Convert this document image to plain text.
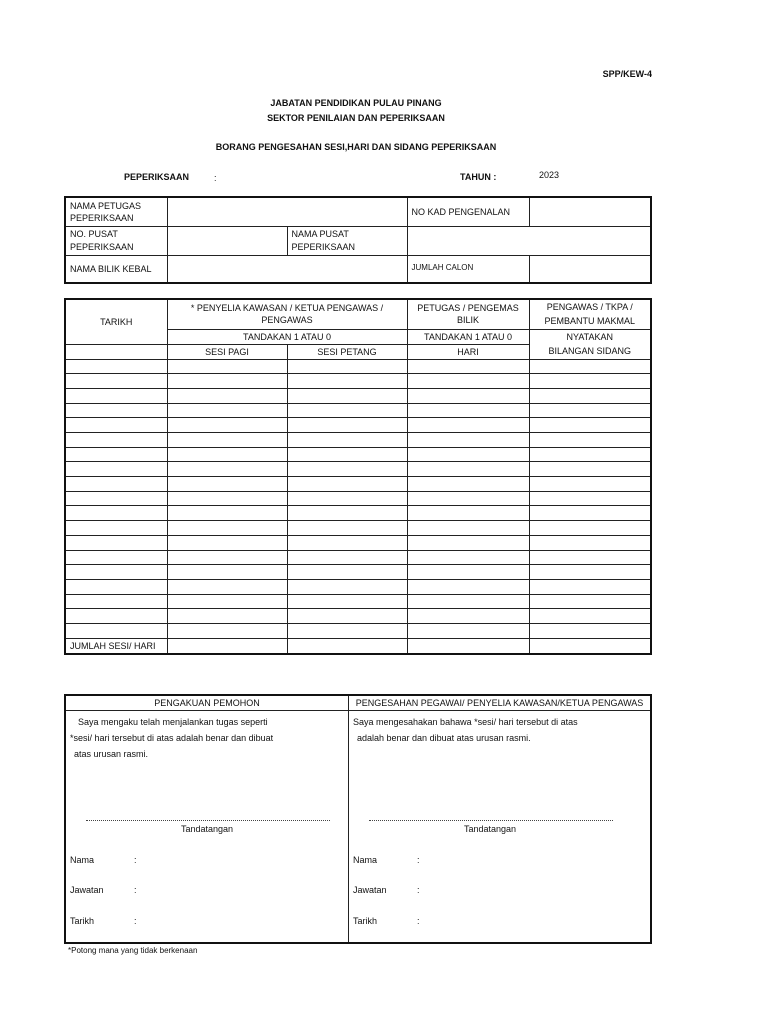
SPP/KEW-4
JABATAN PENDIDIKAN PULAU PINANG
SEKTOR PENILAIAN DAN PEPERIKSAAN
BORANG PENGESAHAN SESI,HARI DAN SIDANG PEPERIKSAAN
PEPERIKSAAN	:	TAHUN :	2023
NAMA PETUGAS PEPERIKSAAN			NO KAD PENGENALAN	
NO. PUSAT PEPERIKSAAN		NAMA PUSAT PEPERIKSAAN		
NAMA BILIK KEBAL			JUMLAH CALON	
TARIKH	* PENYELIA KAWASAN / KETUA PENGAWAS / PENGAWAS		PETUGAS / PENGEMAS BILIK	PENGAWAS / TKPA /
PEMBANTU MAKMAL

	TANDAKAN 1 ATAU 0		TANDAKAN 1 ATAU 0	NYATAKAN
BILANGAN SIDANG

	SESI PAGI	SESI PETANG	HARI	

JUMLAH SESI/ HARI				
PENGAKUAN PEMOHON
Saya mengaku telah menjalankan tugas seperti
*sesi/ hari tersebut di atas adalah benar dan dibuat
atas urusan rasmi.
Tandatangan
Nama	:
Jawatan	:
Tarikh	:
PENGESAHAN PEGAWAI/ PENYELIA KAWASAN/KETUA PENGAWAS
Saya mengesahakan bahawa *sesi/ hari tersebut di atas
adalah benar dan dibuat atas urusan rasmi.
Tandatangan
Nama	:
Jawatan	:
Tarikh	:
*Potong mana yang tidak berkenaan
